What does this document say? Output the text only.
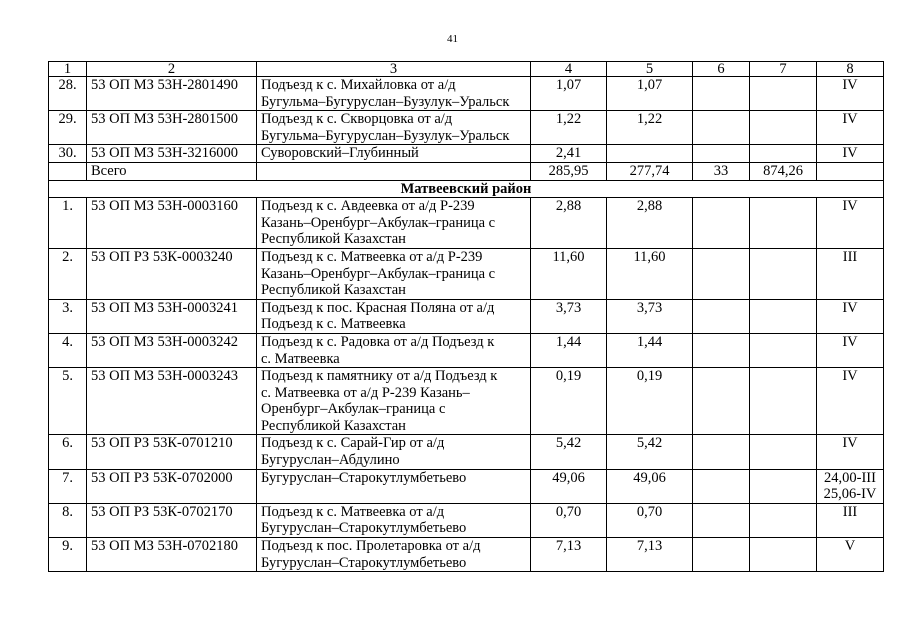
41
1	2	3	4	5	6	7	8
28.	53 ОП МЗ 53Н-2801490	Подъезд к с. Михайловка от а/д
Бугульма–Бугуруслан–Бузулук–Уральск	1,07	1,07			IV
29.	53 ОП МЗ 53Н-2801500	Подъезд к с. Скворцовка от а/д
Бугульма–Бугуруслан–Бузулук–Уральск	1,22	1,22			IV
30.	53 ОП МЗ 53Н-3216000	Суворовский–Глубинный	2,41				IV
	Всего		285,95	277,74	33	874,26	
Матвеевский район							
1.	53 ОП МЗ 53Н-0003160	Подъезд к с. Авдеевка от а/д Р-239
Казань–Оренбург–Акбулак–граница с
Республикой Казахстан	2,88	2,88			IV
2.	53 ОП РЗ 53К-0003240	Подъезд к с. Матвеевка от а/д Р-239
Казань–Оренбург–Акбулак–граница с
Республикой Казахстан	11,60	11,60			III
3.	53 ОП МЗ 53Н-0003241	Подъезд к пос. Красная Поляна от а/д
Подъезд к с. Матвеевка	3,73	3,73			IV
4.	53 ОП МЗ 53Н-0003242	Подъезд к с. Радовка от а/д Подъезд к
с. Матвеевка	1,44	1,44			IV
5.	53 ОП МЗ 53Н-0003243	Подъезд к памятнику от а/д Подъезд к
с. Матвеевка от а/д Р-239 Казань–
Оренбург–Акбулак–граница с
Республикой Казахстан	0,19	0,19			IV
6.	53 ОП РЗ 53К-0701210	Подъезд к с. Сарай-Гир от а/д
Бугуруслан–Абдулино	5,42	5,42			IV
7.	53 ОП РЗ 53К-0702000	Бугуруслан–Старокутлумбетьево	49,06	49,06			24,00-III
25,06-IV
8.	53 ОП РЗ 53К-0702170	Подъезд к с. Матвеевка от а/д
Бугуруслан–Старокутлумбетьево	0,70	0,70			III
9.	53 ОП МЗ 53Н-0702180	Подъезд к пос. Пролетаровка от а/д
Бугуруслан–Старокутлумбетьево	7,13	7,13			V
